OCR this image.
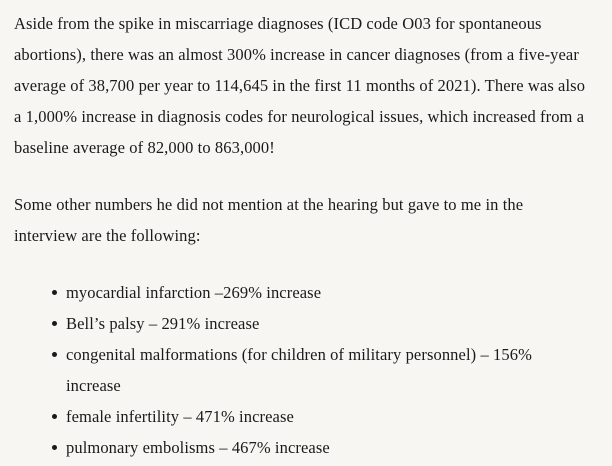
Aside from the spike in miscarriage diagnoses (ICD code O03 for spontaneous abortions), there was an almost 300% increase in cancer diagnoses (from a five-year average of 38,700 per year to 114,645 in the first 11 months of 2021). There was also a 1,000% increase in diagnosis codes for neurological issues, which increased from a baseline average of 82,000 to 863,000!

Some other numbers he did not mention at the hearing but gave to me in the interview are the following:

myocardial infarction –269% increase
Bell’s palsy – 291% increase
congenital malformations (for children of military personnel) – 156% increase
female infertility – 471% increase
pulmonary embolisms – 467% increase
